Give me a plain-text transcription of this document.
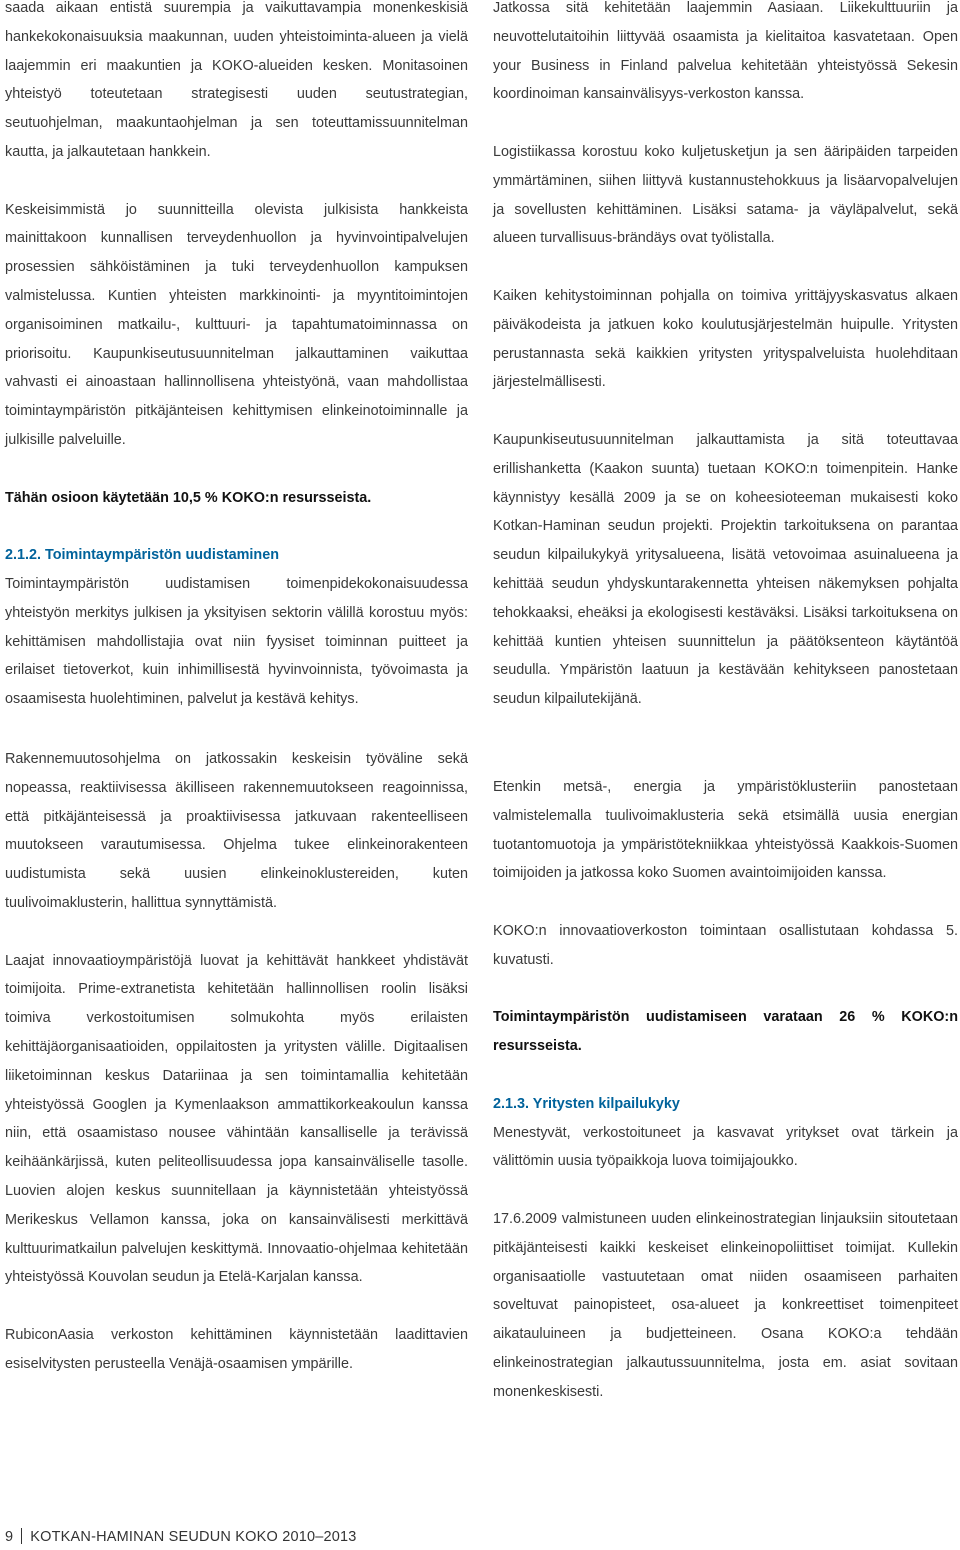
saada aikaan entistä suurempia ja vaikuttavampia monenkeskisiä hankekokonaisuuksia maakunnan, uuden yhteistoiminta-alueen ja vielä laajemmin eri maakuntien ja KOKO-alueiden kesken. Monitasoinen yhteistyö toteutetaan strategisesti uuden seutustrategian, seutuohjelman, maakuntaohjelman ja sen toteuttamissuunnitelman kautta, ja jalkautetaan hankkein.

Keskeisimmistä jo suunnitteilla olevista julkisista hankkeista mainittakoon kunnallisen terveydenhuollon ja hyvinvointipalvelujen prosessien sähköistäminen ja tuki terveydenhuollon kampuksen valmistelussa. Kuntien yhteisten markkinointi- ja myyntitoimintojen organisoiminen matkailu-, kulttuuri- ja tapahtumatoiminnassa on priorisoitu. Kaupunkiseutusuunnitelman jalkauttaminen vaikuttaa vahvasti ei ainoastaan hallinnollisena yhteistyönä, vaan mahdollistaa toimintaympäristön pitkäjänteisen kehittymisen elinkeinotoiminnalle ja julkisille palveluille.

Tähän osioon käytetään 10,5 % KOKO:n resursseista.

2.1.2. Toimintaympäristön uudistaminen

Toimintaympäristön uudistamisen toimenpidekokonaisuudessa yhteistyön merkitys julkisen ja yksityisen sektorin välillä korostuu myös: kehittämisen mahdollistajia ovat niin fyysiset toiminnan puitteet ja erilaiset tietoverkot, kuin inhimillisestä hyvinvoinnista, työvoimasta ja osaamisesta huolehtiminen, palvelut ja kestävä kehitys.

Jatkossa sitä kehitetään laajemmin Aasiaan. Liikekulttuuriin ja neuvottelutaitoihin liittyvää osaamista ja kielitaitoa kasvatetaan. Open your Business in Finland palvelua kehitetään yhteistyössä Sekesin koordinoiman kansainvälisyys-verkoston kanssa.

Logistiikassa korostuu koko kuljetusketjun ja sen ääripäiden tarpeiden ymmärtäminen, siihen liittyvä kustannustehokkuus ja lisäarvopalvelujen ja sovellusten kehittäminen. Lisäksi satama- ja väyläpalvelut, sekä alueen turvallisuus-brändäys ovat työlistalla.

Kaiken kehitystoiminnan pohjalla on toimiva yrittäjyyskasvatus alkaen päiväkodeista ja jatkuen koko koulutusjärjestelmän huipulle. Yritysten perustannasta sekä kaikkien yritysten yrityspalveluista huolehditaan järjestelmällisesti.

Kaupunkiseutusuunnitelman jalkauttamista ja sitä toteuttavaa erillishanketta (Kaakon suunta) tuetaan KOKO:n toimenpitein. Hanke käynnistyy kesällä 2009 ja se on koheesioteeman mukaisesti koko Kotkan-Haminan seudun projekti. Projektin tarkoituksena on parantaa seudun kilpailukykyä yritysalueena, lisätä vetovoimaa asuinalueena ja kehittää seudun yhdyskuntarakennetta yhteisen näkemyksen pohjalta tehokkaaksi, eheäksi ja ekologisesti kestäväksi. Lisäksi tarkoituksena on kehittää kuntien yhteisen suunnittelun ja päätöksenteon käytäntöä seudulla. Ympäristön laatuun ja kestävään kehitykseen panostetaan seudun kilpailutekijänä.

Rakennemuutosohjelma on jatkossakin keskeisin työväline sekä nopeassa, reaktiivisessa äkilliseen rakennemuutokseen reagoinnissa, että pitkäjänteisessä ja proaktiivisessa jatkuvaan rakenteelliseen muutokseen varautumisessa. Ohjelma tukee elinkeinorakenteen uudistumista sekä uusien elinkeinoklustereiden, kuten tuulivoimaklusterin, hallittua synnyttämistä.

Laajat innovaatioympäristöjä luovat ja kehittävät hankkeet yhdistävät toimijoita. Prime-extranetista kehitetään hallinnollisen roolin lisäksi toimiva verkostoitumisen solmukohta myös erilaisten kehittäjäorganisaatioiden, oppilaitosten ja yritysten välille. Digitaalisen liiketoiminnan keskus Datariinaa ja sen toimintamallia kehitetään yhteistyössä Googlen ja Kymenlaakson ammattikorkeakoulun kanssa niin, että osaamistaso nousee vähintään kansalliselle ja terävissä keihäänkärjissä, kuten peliteollisuudessa jopa kansainväliselle tasolle. Luovien alojen keskus suunnitellaan ja käynnistetään yhteistyössä Merikeskus Vellamon kanssa, joka on kansainvälisesti merkittävä kulttuurimatkailun palvelujen keskittymä. Innovaatio-ohjelmaa kehitetään yhteistyössä Kouvolan seudun ja Etelä-Karjalan kanssa.

RubiconAasia verkoston kehittäminen käynnistetään laadittavien esiselvitysten perusteella Venäjä-osaamisen ympärille.

Etenkin metsä-, energia ja ympäristöklusteriin panostetaan valmistelemalla tuulivoimaklusteria sekä etsimällä uusia energian tuotantomuotoja ja ympäristötekniikkaa yhteistyössä Kaakkois-Suomen toimijoiden ja jatkossa koko Suomen avaintoimijoiden kanssa.

KOKO:n innovaatioverkoston toimintaan osallistutaan kohdassa 5. kuvatusti.

Toimintaympäristön uudistamiseen varataan 26 % KOKO:n resursseista.

2.1.3. Yritysten kilpailukyky

Menestyvät, verkostoituneet ja kasvavat yritykset ovat tärkein ja välittömin uusia työpaikkoja luova toimijajoukko.

17.6.2009 valmistuneen uuden elinkeinostrategian linjauksiin sitoutetaan pitkäjänteisesti kaikki keskeiset elinkeinopoliittiset toimijat. Kullekin organisaatiolle vastuutetaan omat niiden osaamiseen parhaiten soveltuvat painopisteet, osa-alueet ja konkreettiset toimenpiteet aikatauluineen ja budjetteineen. Osana KOKO:a tehdään elinkeinostrategian jalkautussuunnitelma, josta em. asiat sovitaan monenkeskisesti.

9 KOTKAN-HAMINAN SEUDUN KOKO 2010–2013
